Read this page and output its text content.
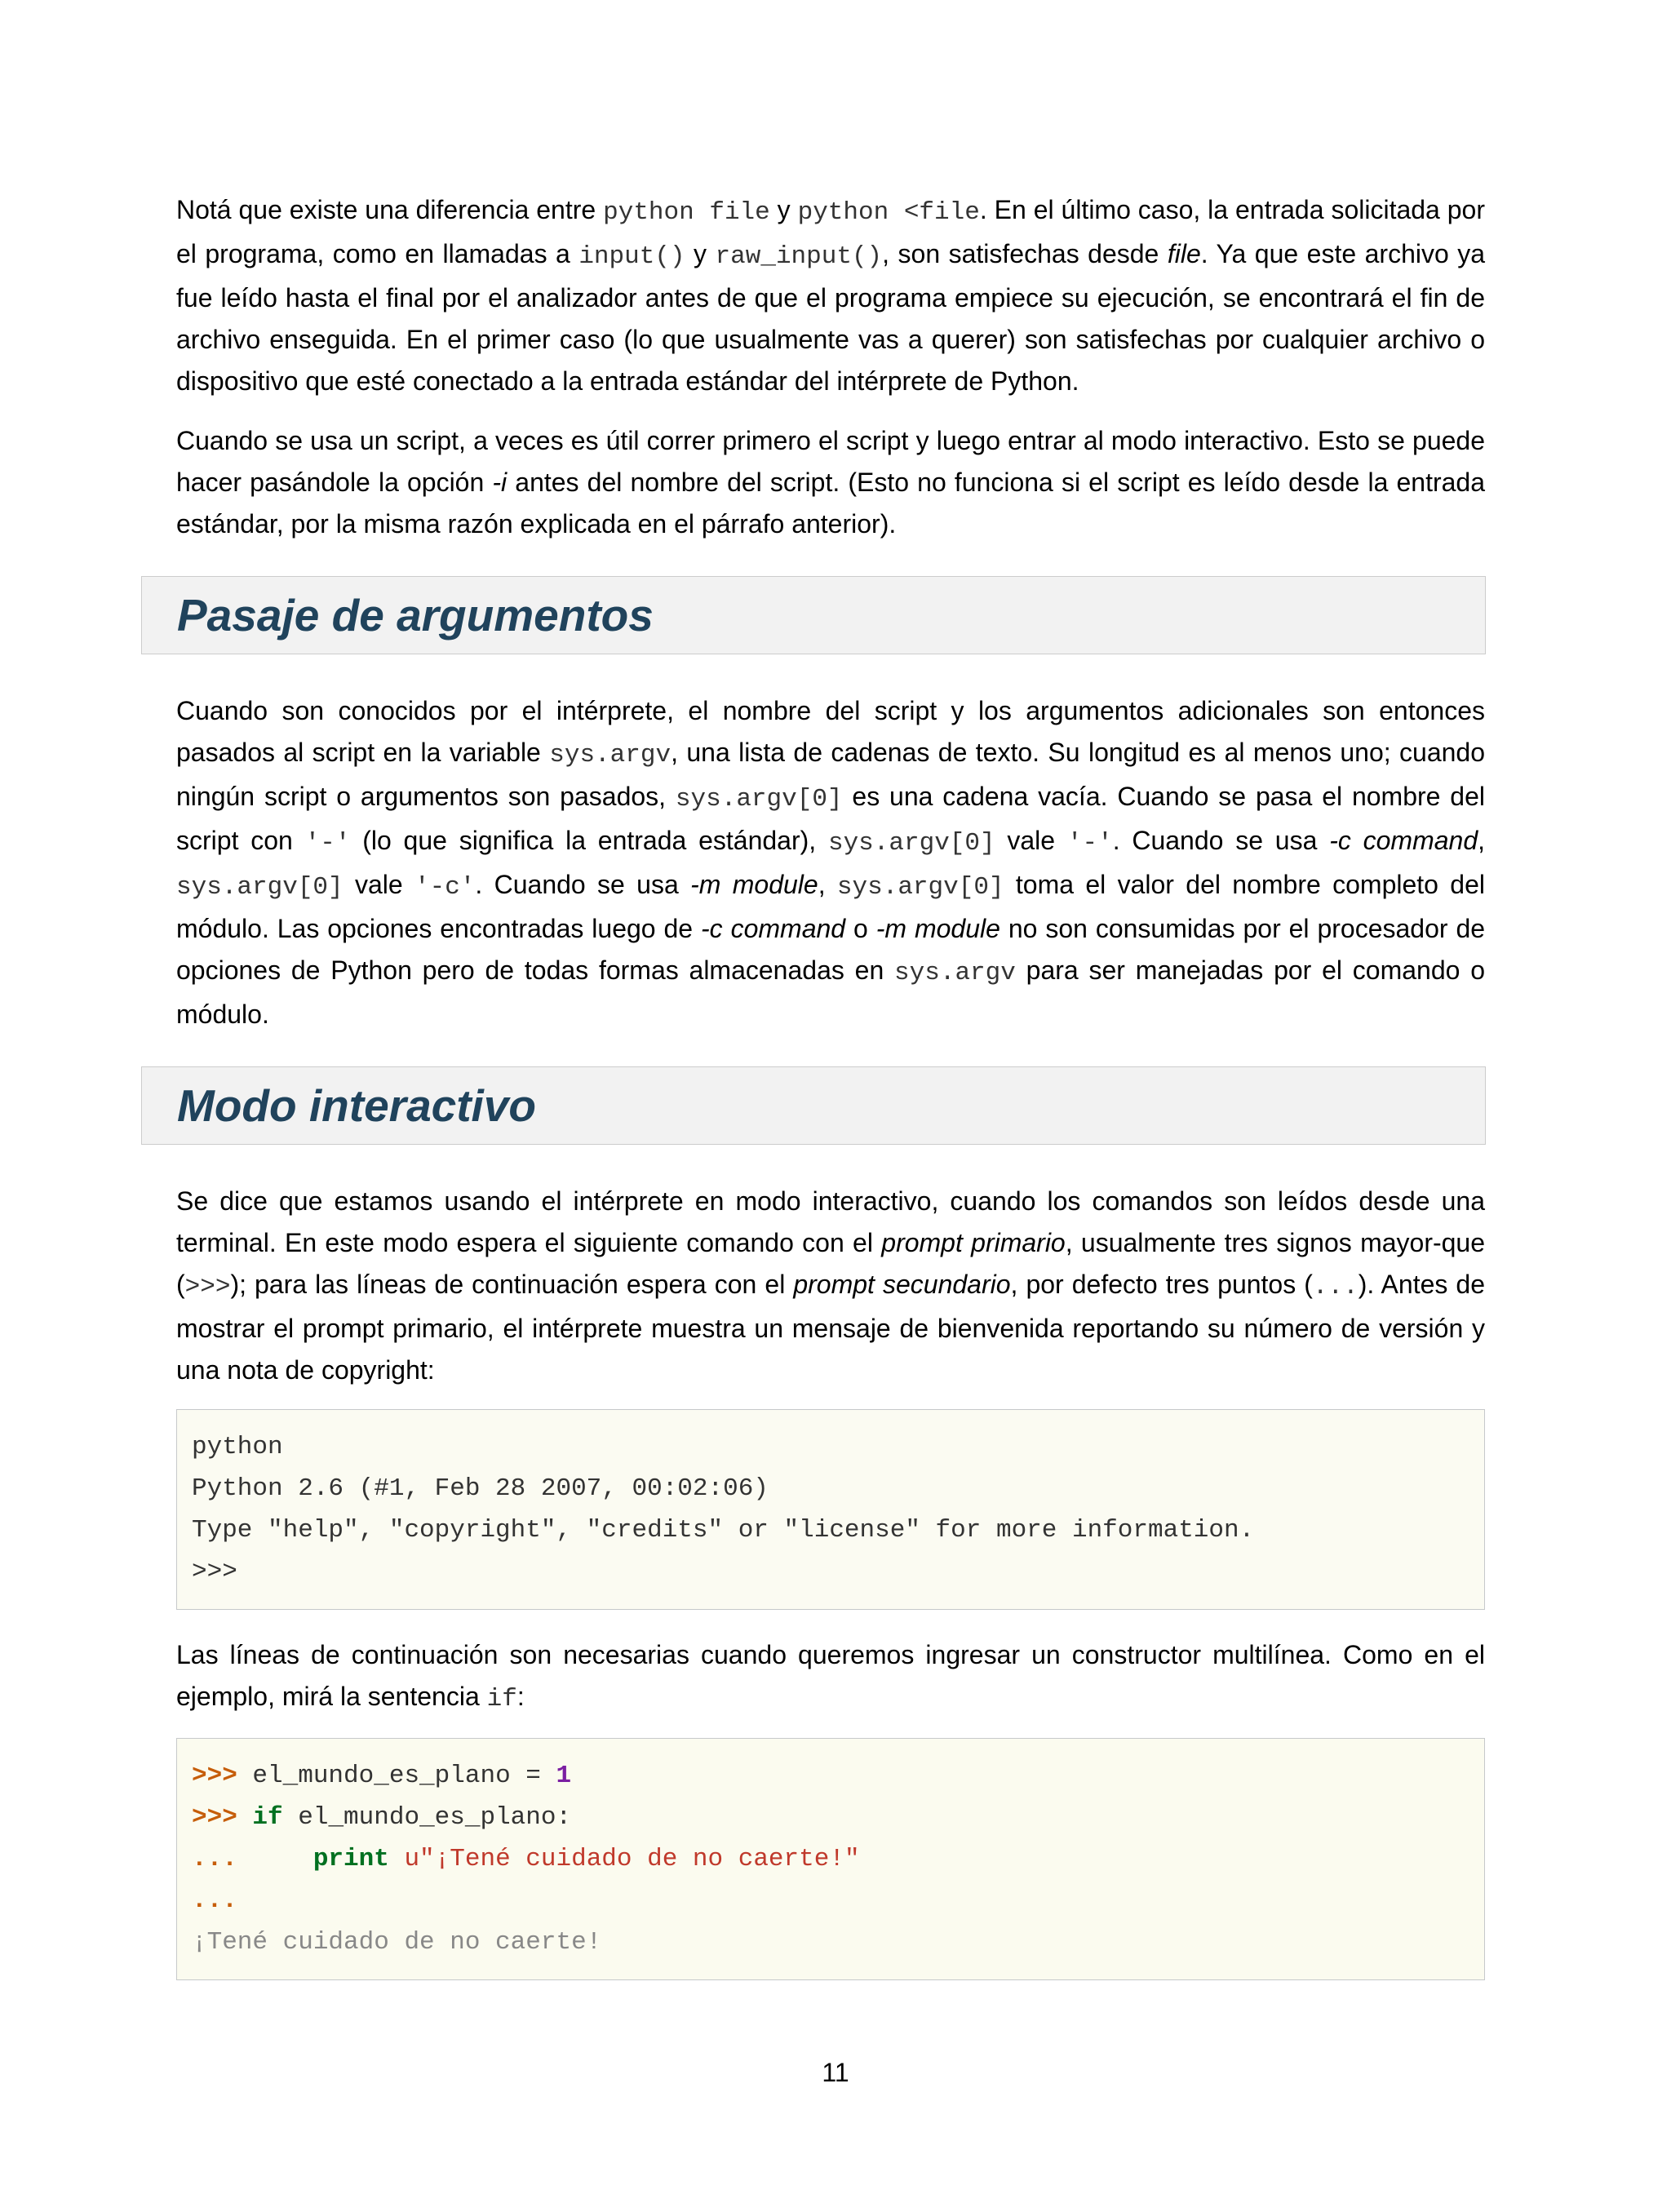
Notá que existe una diferencia entre python file y python <file. En el último caso, la entrada solicitada por el programa, como en llamadas a input() y raw_input(), son satisfechas desde file. Ya que este archivo ya fue leído hasta el final por el analizador antes de que el programa empiece su ejecución, se encontrará el fin de archivo enseguida. En el primer caso (lo que usualmente vas a querer) son satisfechas por cualquier archivo o dispositivo que esté conectado a la entrada estándar del intérprete de Python.

Cuando se usa un script, a veces es útil correr primero el script y luego entrar al modo interactivo. Esto se puede hacer pasándole la opción -i antes del nombre del script. (Esto no funciona si el script es leído desde la entrada estándar, por la misma razón explicada en el párrafo anterior).

Pasaje de argumentos

Cuando son conocidos por el intérprete, el nombre del script y los argumentos adicionales son entonces pasados al script en la variable sys.argv, una lista de cadenas de texto. Su longitud es al menos uno; cuando ningún script o argumentos son pasados, sys.argv[0] es una cadena vacía. Cuando se pasa el nombre del script con '-' (lo que significa la entrada estándar), sys.argv[0] vale '-'. Cuando se usa -c command, sys.argv[0] vale '-c'. Cuando se usa -m module, sys.argv[0] toma el valor del nombre completo del módulo. Las opciones encontradas luego de -c command o -m module no son consumidas por el procesador de opciones de Python pero de todas formas almacenadas en sys.argv para ser manejadas por el comando o módulo.

Modo interactivo

Se dice que estamos usando el intérprete en modo interactivo, cuando los comandos son leídos desde una terminal. En este modo espera el siguiente comando con el prompt primario, usualmente tres signos mayor-que (>>>); para las líneas de continuación espera con el prompt secundario, por defecto tres puntos (...). Antes de mostrar el prompt primario, el intérprete muestra un mensaje de bienvenida reportando su número de versión y una nota de copyright:

python
Python 2.6 (#1, Feb 28 2007, 00:02:06)
Type "help", "copyright", "credits" or "license" for more information.
>>>

Las líneas de continuación son necesarias cuando queremos ingresar un constructor multilínea. Como en el ejemplo, mirá la sentencia if:

>>> el_mundo_es_plano = 1
>>> if el_mundo_es_plano:
...	print u"¡Tené cuidado de no caerte!"
...
¡Tené cuidado de no caerte!
11
